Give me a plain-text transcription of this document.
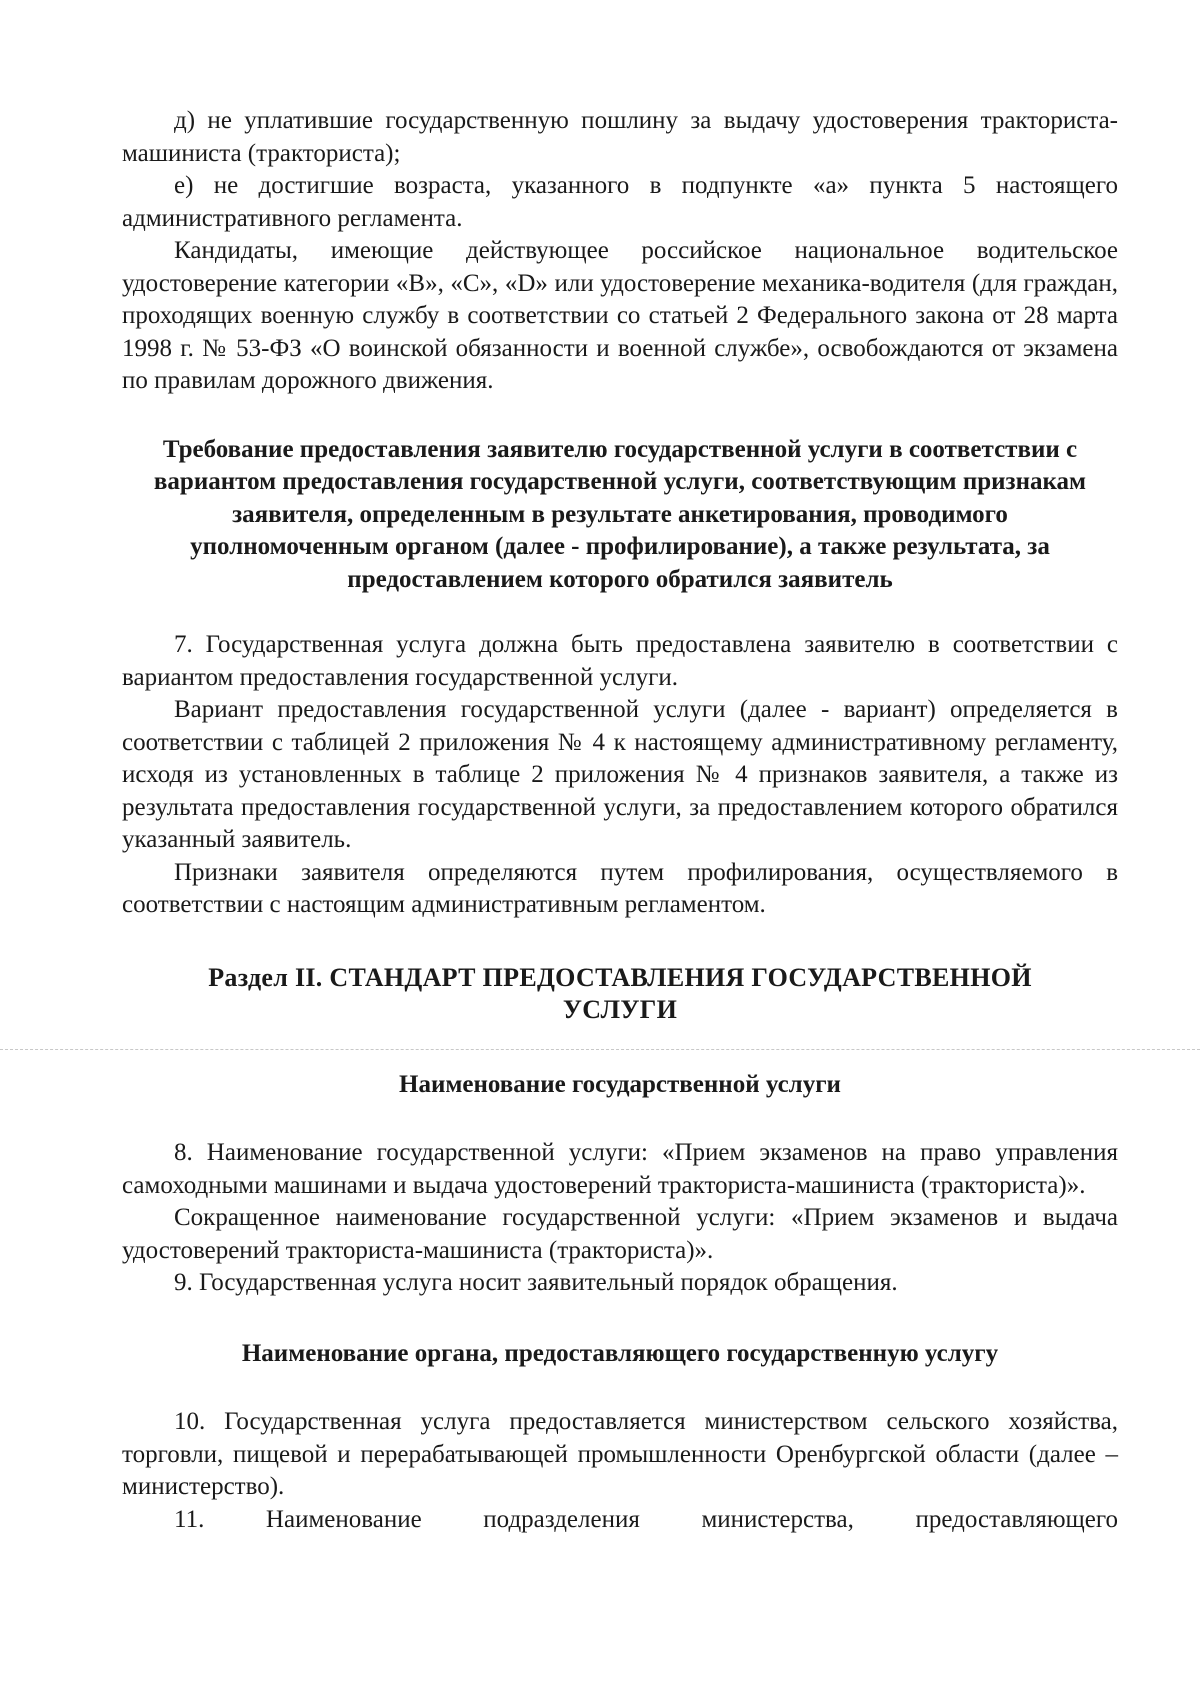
д) не уплатившие государственную пошлину за выдачу удостоверения тракториста-машиниста (тракториста);

е) не достигшие возраста, указанного в подпункте «а» пункта 5 настоящего административного регламента.

Кандидаты, имеющие действующее российское национальное водительское удостоверение категории «B», «C», «D» или удостоверение механика-водителя (для граждан, проходящих военную службу в соответствии со статьей 2 Федерального закона от 28 марта 1998 г. № 53-ФЗ «О воинской обязанности и военной службе», освобождаются от экзамена по правилам дорожного движения.

Требование предоставления заявителю государственной услуги в соответствии с вариантом предоставления государственной услуги, соответствующим признакам заявителя, определенным в результате анкетирования, проводимого уполномоченным органом (далее - профилирование), а также результата, за предоставлением которого обратился заявитель

7. Государственная услуга должна быть предоставлена заявителю в соответствии с вариантом предоставления государственной услуги.

Вариант предоставления государственной услуги (далее - вариант) определяется в соответствии с таблицей 2 приложения № 4 к настоящему административному регламенту, исходя из установленных в таблице 2 приложения № 4 признаков заявителя, а также из результата предоставления государственной услуги, за предоставлением которого обратился указанный заявитель.

Признаки заявителя определяются путем профилирования, осуществляемого в соответствии с настоящим административным регламентом.

Раздел II. СТАНДАРТ ПРЕДОСТАВЛЕНИЯ ГОСУДАРСТВЕННОЙ
УСЛУГИ
Наименование государственной услуги

8. Наименование государственной услуги: «Прием экзаменов на право управления самоходными машинами и выдача удостоверений тракториста-машиниста (тракториста)».

Сокращенное наименование государственной услуги: «Прием экзаменов и выдача удостоверений тракториста-машиниста (тракториста)».

9. Государственная услуга носит заявительный порядок обращения.

Наименование органа, предоставляющего государственную услугу

10. Государственная услуга предоставляется министерством сельского хозяйства, торговли, пищевой и перерабатывающей промышленности Оренбургской области (далее – министерство).

11. Наименование подразделения министерства, предоставляющего
